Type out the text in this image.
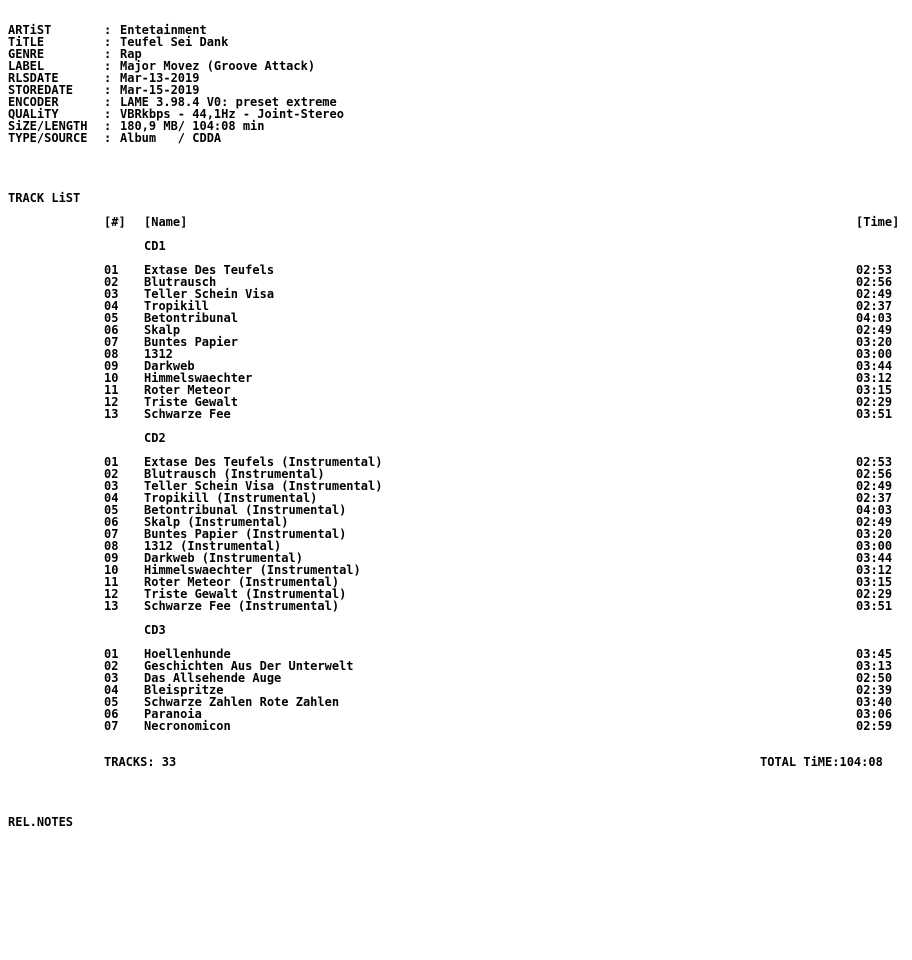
ARTiST	: Entetainment
TiTLE	: Teufel Sei Dank
GENRE	: Rap
LABEL	: Major Movez (Groove Attack)
RLSDATE	: Mar-13-2019
STOREDATE	: Mar-15-2019
ENCODER	: LAME 3.98.4 V0: preset extreme
QUALiTY	: VBRkbps - 44,1Hz - Joint-Stereo
SiZE/LENGTH : 180,9 MB/ 104:08 min
TYPE/SOURCE : Album   / CDDA
TRACK LiST
[#] [Name]	[Time]
CD1
01 Extase Des Teufels	02:53
02 Blutrausch	02:56
03 Teller Schein Visa	02:49
04 Tropikill	02:37
05 Betontribunal	04:03
06 Skalp	02:49
07 Buntes Papier	03:20
08 1312	03:00
09 Darkweb	03:44
10 Himmelswaechter	03:12
11 Roter Meteor	03:15
12 Triste Gewalt	02:29
13 Schwarze Fee	03:51
CD2
01 Extase Des Teufels (Instrumental)	02:53
02 Blutrausch (Instrumental)	02:56
03 Teller Schein Visa (Instrumental)	02:49
04 Tropikill (Instrumental)	02:37
05 Betontribunal (Instrumental)	04:03
06 Skalp (Instrumental)	02:49
07 Buntes Papier (Instrumental)	03:20
08 1312 (Instrumental)	03:00
09 Darkweb (Instrumental)	03:44
10 Himmelswaechter (Instrumental)	03:12
11 Roter Meteor (Instrumental)	03:15
12 Triste Gewalt (Instrumental)	02:29
13 Schwarze Fee (Instrumental)	03:51
CD3
01 Hoellenhunde	03:45
02 Geschichten Aus Der Unterwelt	03:13
03 Das Allsehende Auge	02:50
04 Bleispritze	02:39
05 Schwarze Zahlen Rote Zahlen	03:40
06 Paranoia	03:06
07 Necronomicon	02:59
TRACKS: 33	TOTAL TiME:104:08
REL.NOTES
